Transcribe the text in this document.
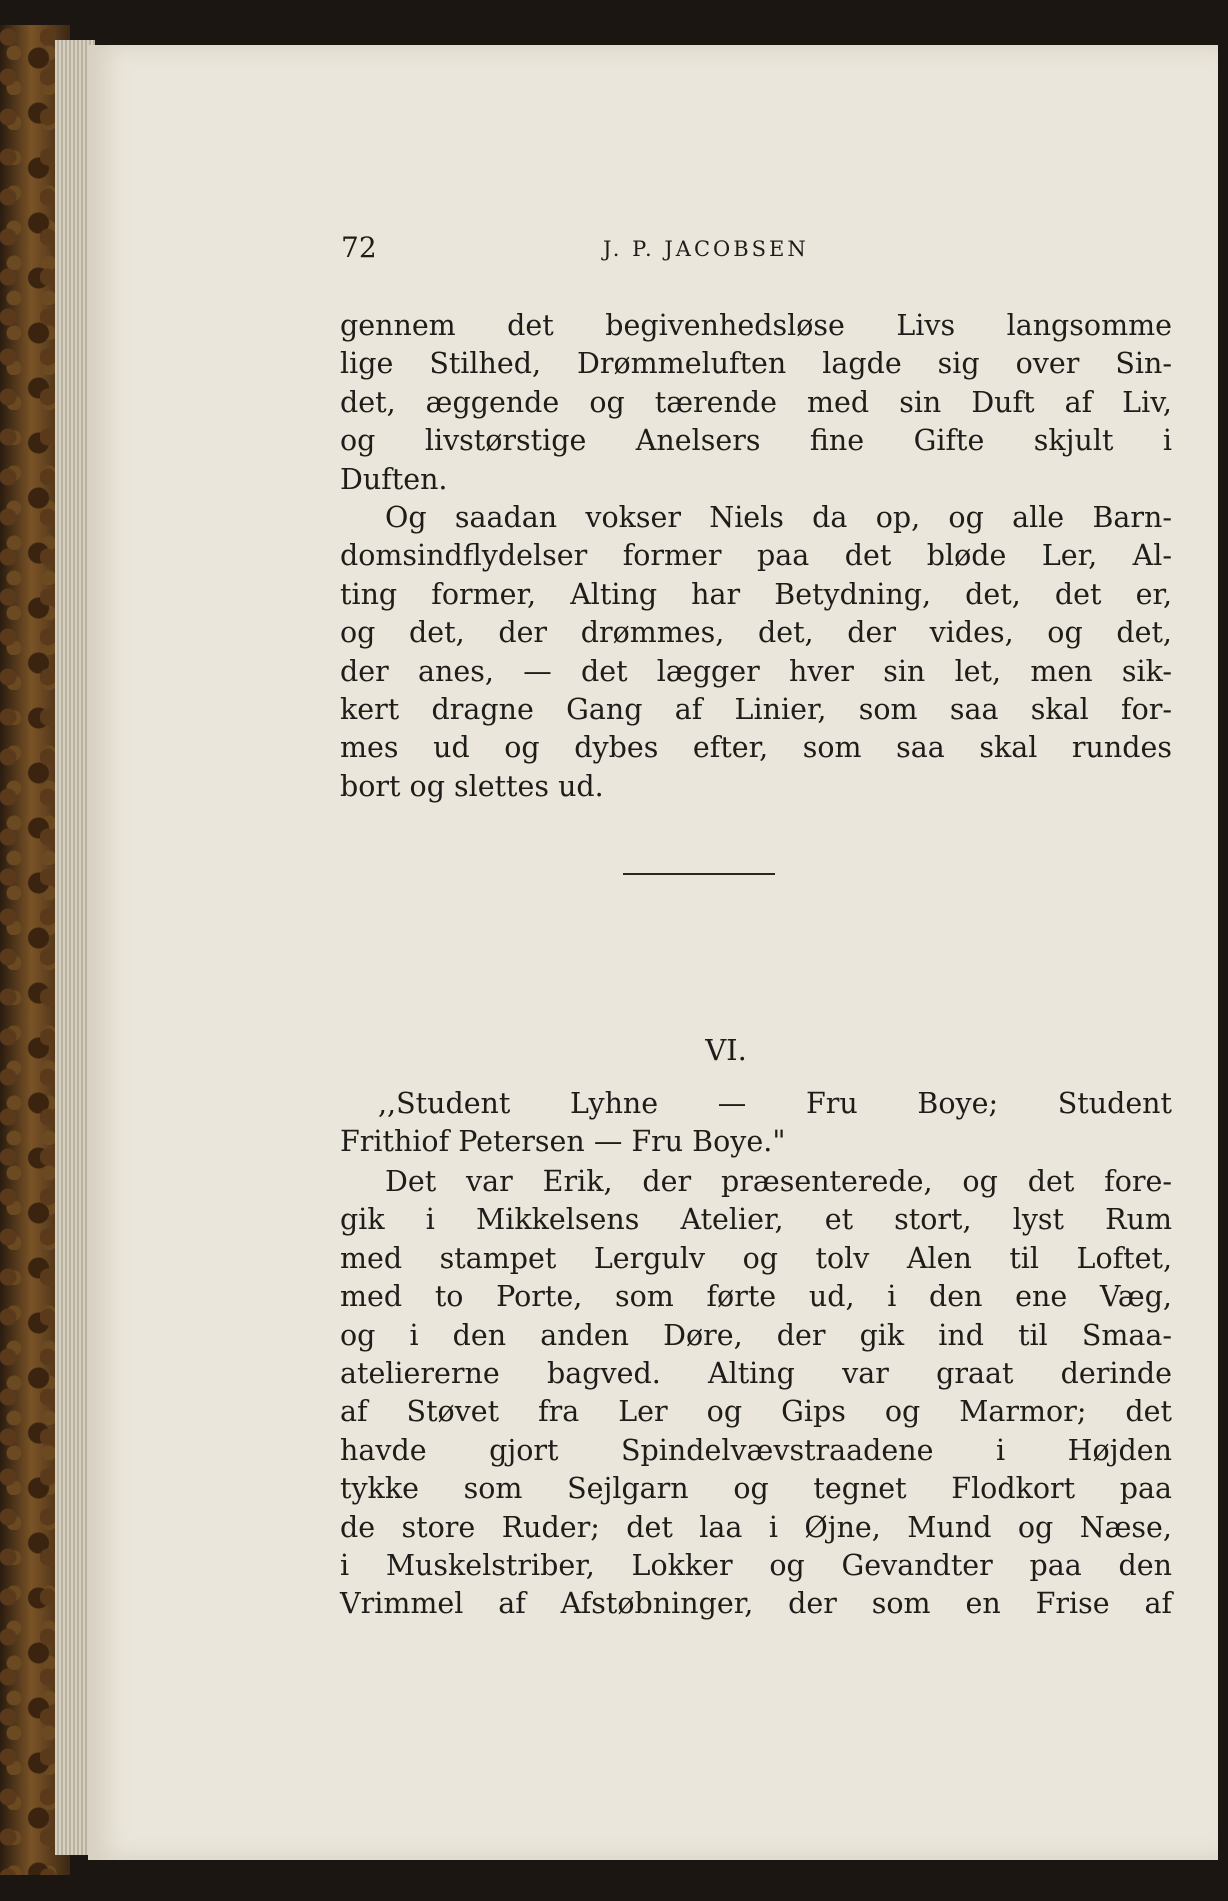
72	J. P. JACOBSEN
gennem det begivenhedsløse Livs langsomme
lige Stilhed, Drømmeluften lagde sig over Sin-
det, æggende og tærende med sin Duft af Liv,
og livstørstige Anelsers fine Gifte skjult i
Duften.
Og saadan vokser Niels da op, og alle Barn-
domsindflydelser former paa det bløde Ler, Al-
ting former, Alting har Betydning, det, det er,
og det, der drømmes, det, der vides, og det,
der anes, — det lægger hver sin let, men sik-
kert dragne Gang af Linier, som saa skal for-
mes ud og dybes efter, som saa skal rundes
bort og slettes ud.
VI.
,,Student Lyhne — Fru Boye; Student
Frithiof Petersen — Fru Boye."
Det var Erik, der præsenterede, og det fore-
gik i Mikkelsens Atelier, et stort, lyst Rum
med stampet Lergulv og tolv Alen til Loftet,
med to Porte, som førte ud, i den ene Væg,
og i den anden Døre, der gik ind til Smaa-
ateliererne bagved. Alting var graat derinde
af Støvet fra Ler og Gips og Marmor; det
havde gjort Spindelvævstraadene i Højden
tykke som Sejlgarn og tegnet Flodkort paa
de store Ruder; det laa i Øjne, Mund og Næse,
i Muskelstriber, Lokker og Gevandter paa den
Vrimmel af Afstøbninger, der som en Frise af
